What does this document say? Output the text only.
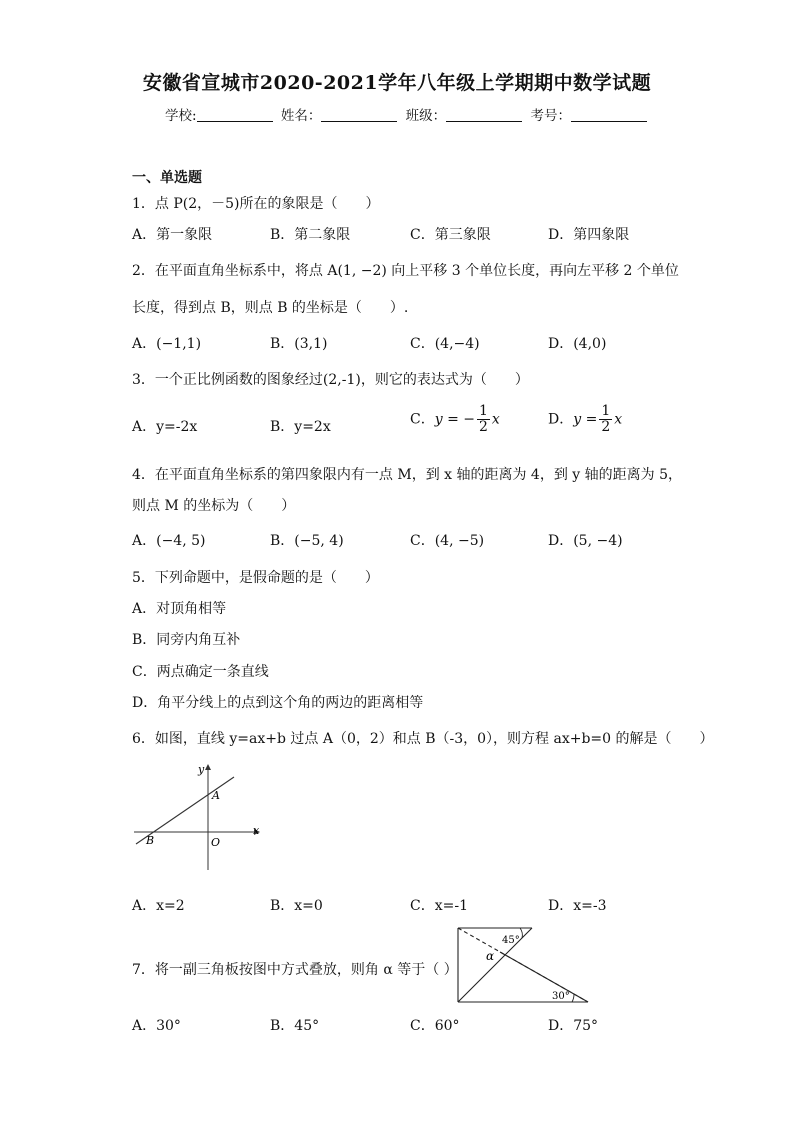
安徽省宣城市2020-2021学年八年级上学期期中数学试题
学校:	姓名：	班级：	考号：
一、单选题
1．点 P(2，－5)所在的象限是（　　）
A．第一象限	B．第二象限	C．第三象限	D．第四象限
2．在平面直角坐标系中，将点 A(1, −2) 向上平移 3 个单位长度，再向左平移 2 个单位
长度，得到点 B，则点 B 的坐标是（　　）.
A．(−1,1)	B．(3,1)	C．(4,−4)	D．(4,0)
3．一个正比例函数的图象经过(2,-1)，则它的表达式为（　　）
A．y=-2x	B．y=2x	C．y = − $\frac{1}{2}$ x	D．$y = \frac{1}{2}$ x
4．在平面直角坐标系的第四象限内有一点 M，到 x 轴的距离为 4，到 y 轴的距离为 5，
则点 M 的坐标为（　　）
A．(−4, 5)	B．(−5, 4)	C．(4, −5)	D．(5, −4)
5．下列命题中，是假命题的是（　　）
A．对顶角相等
B．同旁内角互补
C．两点确定一条直线
D．角平分线上的点到这个角的两边的距离相等
6．如图，直线 y=ax+b 过点 A（0，2）和点 B（-3，0），则方程 ax+b=0 的解是（　　）
y
x
A
B	O
A．x=2	B．x=0	C．x=-1	D．x=-3
7．将一副三角板按图中方式叠放，则角 α 等于（ ）
45°
α
30°
A．30°	B．45°	C．60°	D．75°
